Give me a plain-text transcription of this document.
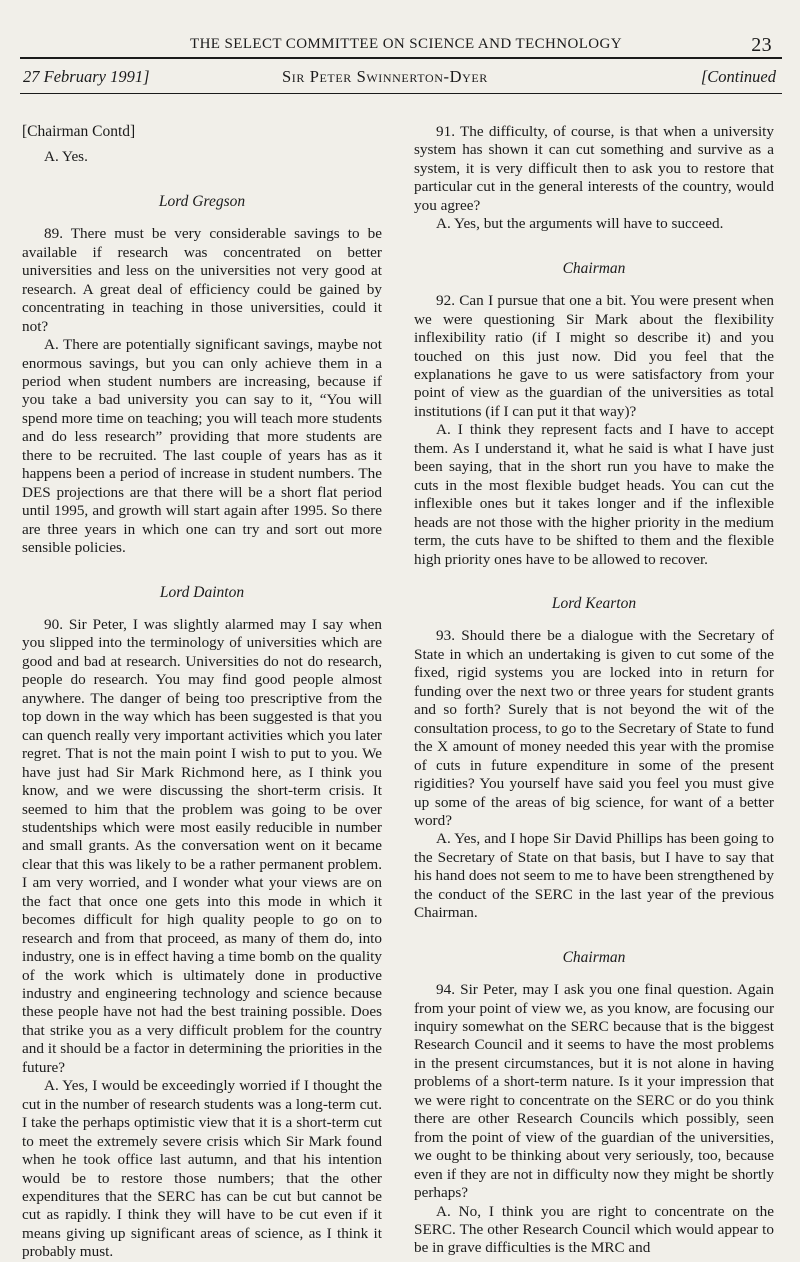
THE SELECT COMMITTEE ON SCIENCE AND TECHNOLOGY	23
27 February 1991]	Sir Peter Swinnerton-Dyer	[Continued
[Chairman Contd]

A. Yes.

Lord Gregson

89. There must be very considerable savings to be available if research was concentrated on better universities and less on the universities not very good at research. A great deal of efficiency could be gained by concentrating in teaching in those universities, could it not?

A. There are potentially significant savings, maybe not enormous savings, but you can only achieve them in a period when student numbers are increasing, because if you take a bad university you can say to it, “You will spend more time on teaching; you will teach more students and do less research” providing that more students are there to be recruited. The last couple of years has as it happens been a period of increase in student numbers. The DES projections are that there will be a short flat period until 1995, and growth will start again after 1995. So there are three years in which one can try and sort out more sensible policies.

Lord Dainton

90. Sir Peter, I was slightly alarmed may I say when you slipped into the terminology of universities which are good and bad at research. Universities do not do research, people do research. You may find good people almost anywhere. The danger of being too prescriptive from the top down in the way which has been suggested is that you can quench really very important activities which you later regret. That is not the main point I wish to put to you. We have just had Sir Mark Richmond here, as I think you know, and we were discussing the short-term crisis. It seemed to him that the problem was going to be over studentships which were most easily reducible in number and small grants. As the conversation went on it became clear that this was likely to be a rather permanent problem. I am very worried, and I wonder what your views are on the fact that once one gets into this mode in which it becomes difficult for high quality people to go on to research and from that proceed, as many of them do, into industry, one is in effect having a time bomb on the quality of the work which is ultimately done in productive industry and engineering technology and science because these people have not had the best training possible. Does that strike you as a very difficult problem for the country and it should be a factor in determining the priorities in the future?

A. Yes, I would be exceedingly worried if I thought the cut in the number of research students was a long-term cut. I take the perhaps optimistic view that it is a short-term cut to meet the extremely severe crisis which Sir Mark found when he took office last autumn, and that his intention would be to restore those numbers; that the other expenditures that the SERC has can be cut but cannot be cut as rapidly. I think they will have to be cut even if it means giving up significant areas of science, as I think it probably must.

91. The difficulty, of course, is that when a university system has shown it can cut something and survive as a system, it is very difficult then to ask you to restore that particular cut in the general interests of the country, would you agree?

A. Yes, but the arguments will have to succeed.

Chairman

92. Can I pursue that one a bit. You were present when we were questioning Sir Mark about the flexibility inflexibility ratio (if I might so describe it) and you touched on this just now. Did you feel that the explanations he gave to us were satisfactory from your point of view as the guardian of the universities as total institutions (if I can put it that way)?

A. I think they represent facts and I have to accept them. As I understand it, what he said is what I have just been saying, that in the short run you have to make the cuts in the most flexible budget heads. You can cut the inflexible ones but it takes longer and if the inflexible heads are not those with the higher priority in the medium term, the cuts have to be shifted to them and the flexible high priority ones have to be allowed to recover.

Lord Kearton

93. Should there be a dialogue with the Secretary of State in which an undertaking is given to cut some of the fixed, rigid systems you are locked into in return for funding over the next two or three years for student grants and so forth? Surely that is not beyond the wit of the consultation process, to go to the Secretary of State to fund the X amount of money needed this year with the promise of cuts in future expenditure in some of the present rigidities? You yourself have said you feel you must give up some of the areas of big science, for want of a better word?

A. Yes, and I hope Sir David Phillips has been going to the Secretary of State on that basis, but I have to say that his hand does not seem to me to have been strengthened by the conduct of the SERC in the last year of the previous Chairman.

Chairman

94. Sir Peter, may I ask you one final question. Again from your point of view we, as you know, are focusing our inquiry somewhat on the SERC because that is the biggest Research Council and it seems to have the most problems in the present circumstances, but it is not alone in having problems of a short-term nature. Is it your impression that we were right to concentrate on the SERC or do you think there are other Research Councils which possibly, seen from the point of view of the guardian of the universities, we ought to be thinking about very seriously, too, because even if they are not in difficulty now they might be shortly perhaps?

A. No, I think you are right to concentrate on the SERC. The other Research Council which would appear to be in grave difficulties is the MRC and
